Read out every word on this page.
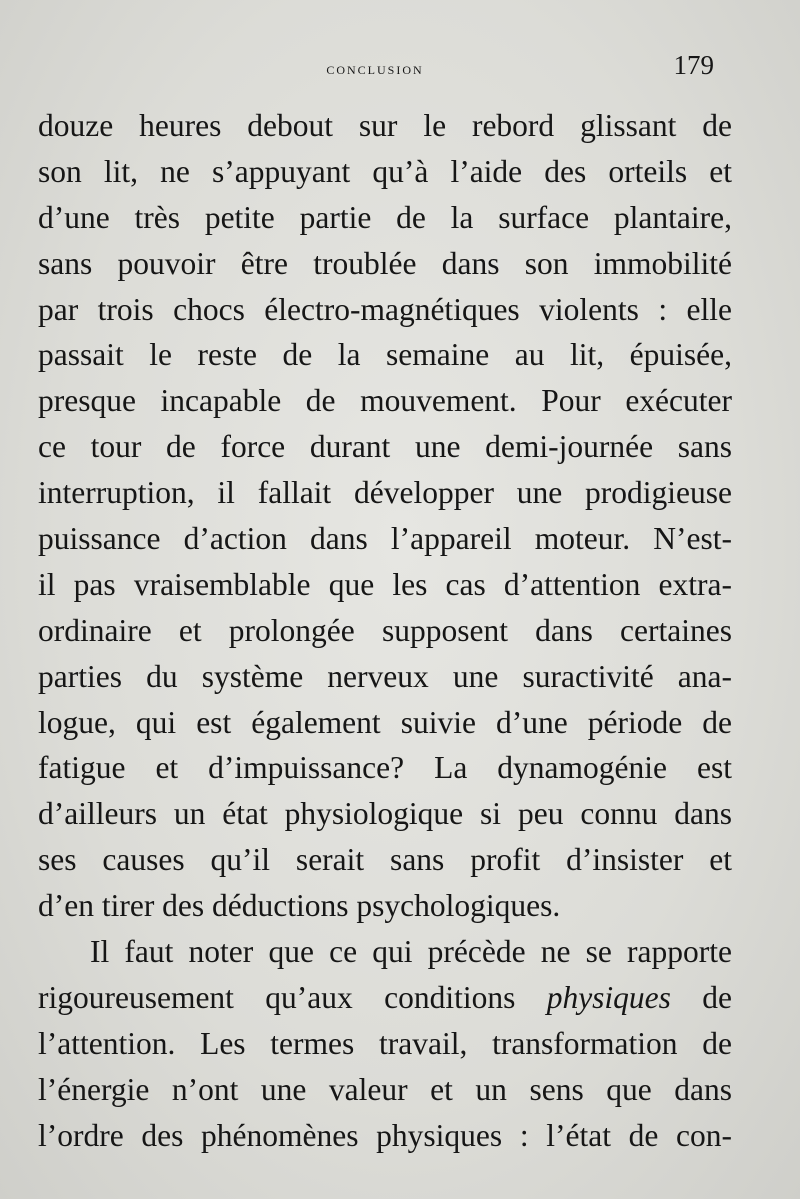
conclusion	179
douze heures debout sur le rebord glissant de
son lit, ne s’appuyant qu’à l’aide des orteils et
d’une très petite partie de la surface plantaire,
sans pouvoir être troublée dans son immobilité
par trois chocs électro-magnétiques violents : elle
passait le reste de la semaine au lit, épuisée,
presque incapable de mouvement. Pour exécuter
ce tour de force durant une demi-journée sans
interruption, il fallait développer une prodigieuse
puissance d’action dans l’appareil moteur. N’est-
il pas vraisemblable que les cas d’attention extra-
ordinaire et prolongée supposent dans certaines
parties du système nerveux une suractivité ana-
logue, qui est également suivie d’une période de
fatigue et d’impuissance? La dynamogénie est
d’ailleurs un état physiologique si peu connu dans
ses causes qu’il serait sans profit d’insister et
d’en tirer des déductions psychologiques.
Il faut noter que ce qui précède ne se rapporte
rigoureusement qu’aux conditions physiques de
l’attention. Les termes travail, transformation de
l’énergie n’ont une valeur et un sens que dans
l’ordre des phénomènes physiques : l’état de con-
